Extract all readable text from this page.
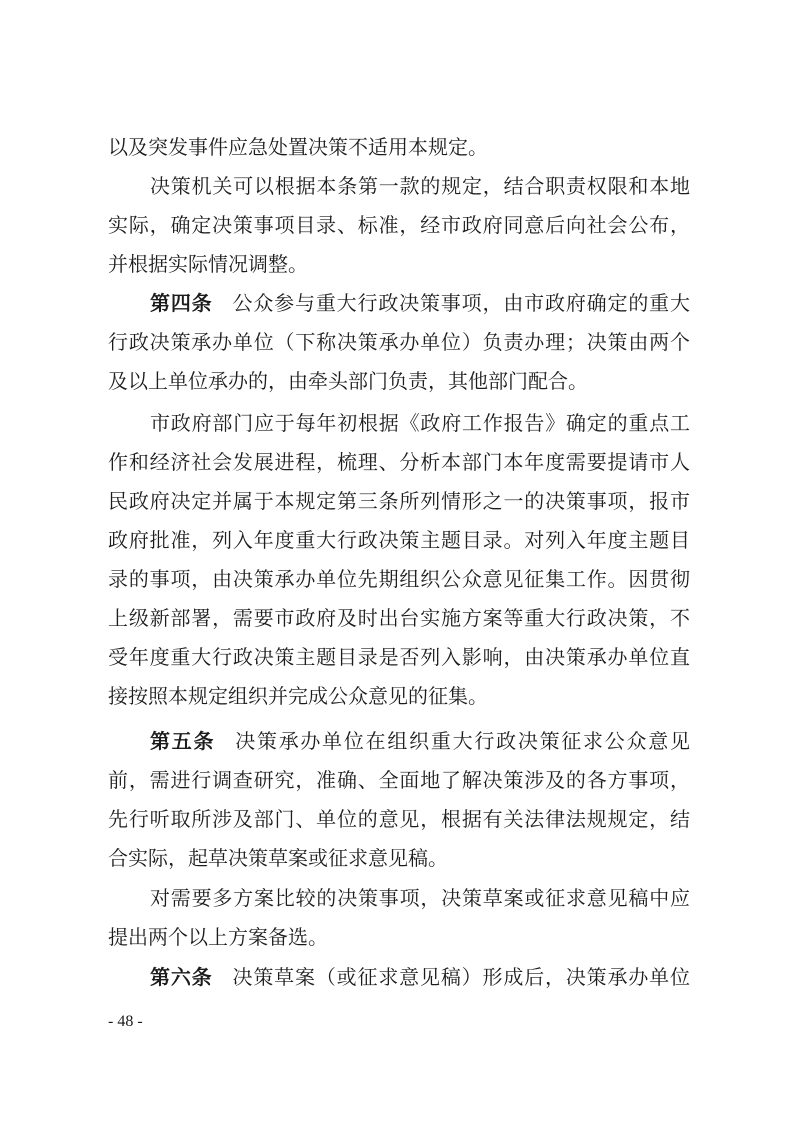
以及突发事件应急处置决策不适用本规定。
决策机关可以根据本条第一款的规定，结合职责权限和本地
实际，确定决策事项目录、标准，经市政府同意后向社会公布，
并根据实际情况调整。
第四条 公众参与重大行政决策事项，由市政府确定的重大
行政决策承办单位（下称决策承办单位）负责办理；决策由两个
及以上单位承办的，由牵头部门负责，其他部门配合。
市政府部门应于每年初根据《政府工作报告》确定的重点工
作和经济社会发展进程，梳理、分析本部门本年度需要提请市人
民政府决定并属于本规定第三条所列情形之一的决策事项，报市
政府批准，列入年度重大行政决策主题目录。对列入年度主题目
录的事项，由决策承办单位先期组织公众意见征集工作。因贯彻
上级新部署，需要市政府及时出台实施方案等重大行政决策，不
受年度重大行政决策主题目录是否列入影响，由决策承办单位直
接按照本规定组织并完成公众意见的征集。
第五条 决策承办单位在组织重大行政决策征求公众意见
前，需进行调查研究，准确、全面地了解决策涉及的各方事项，
先行听取所涉及部门、单位的意见，根据有关法律法规规定，结
合实际，起草决策草案或征求意见稿。
对需要多方案比较的决策事项，决策草案或征求意见稿中应
提出两个以上方案备选。
第六条 决策草案（或征求意见稿）形成后，决策承办单位
- 48 -
